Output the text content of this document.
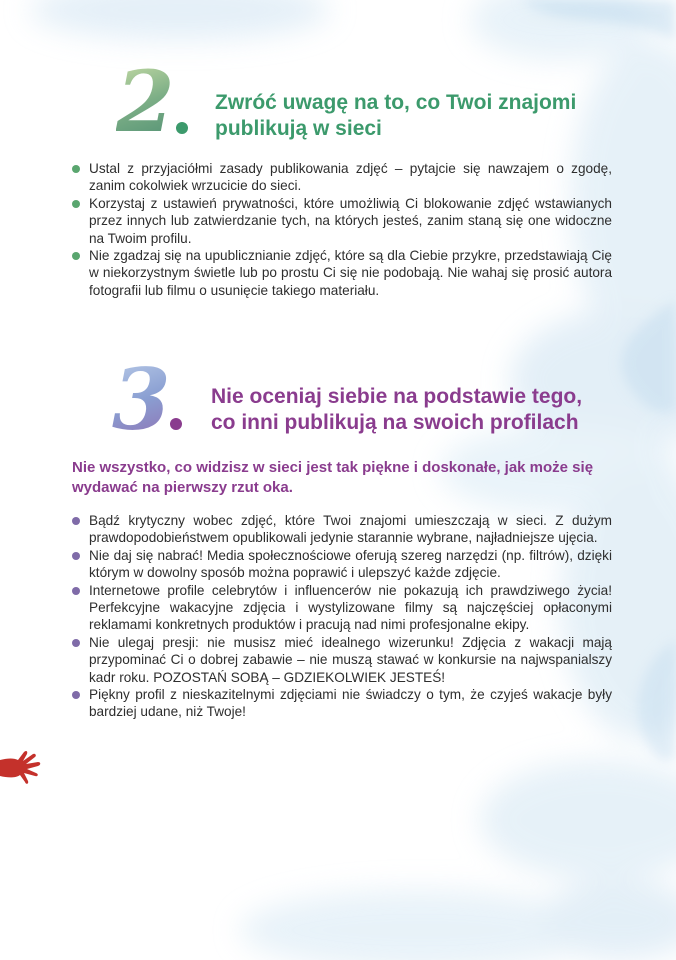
2 Zwróć uwagę na to, co Twoi znajomi
publikują w sieci
Ustal z przyjaciółmi zasady publikowania zdjęć – pytajcie się nawzajem o zgodę, zanim cokolwiek wrzucicie do sieci.
Korzystaj z ustawień prywatności, które umożliwią Ci blokowanie zdjęć wstawianych przez innych lub zatwierdzanie tych, na których jesteś, zanim staną się one widoczne na Twoim profilu.
Nie zgadzaj się na upublicznianie zdjęć, które są dla Ciebie przykre, przedstawiają Cię w niekorzystnym świetle lub po prostu Ci się nie podobają. Nie wahaj się prosić autora fotografii lub filmu o usunięcie takiego materiału.
3 Nie oceniaj siebie na podstawie tego,
co inni publikują na swoich profilach
Nie wszystko, co widzisz w sieci jest tak piękne i doskonałe, jak może się wydawać na pierwszy rzut oka.
Bądź krytyczny wobec zdjęć, które Twoi znajomi umieszczają w sieci. Z dużym prawdopodobieństwem opublikowali jedynie starannie wybrane, najładniejsze ujęcia.
Nie daj się nabrać! Media społecznościowe oferują szereg narzędzi (np. filtrów), dzięki którym w dowolny sposób można poprawić i ulepszyć każde zdjęcie.
Internetowe profile celebrytów i influencerów nie pokazują ich prawdziwego życia! Perfekcyjne wakacyjne zdjęcia i wystylizowane filmy są najczęściej opłaconymi reklamami konkretnych produktów i pracują nad nimi profesjonalne ekipy.
Nie ulegaj presji: nie musisz mieć idealnego wizerunku! Zdjęcia z wakacji mają przypominać Ci o dobrej zabawie – nie muszą stawać w konkursie na najwspanialszy kadr roku. POZOSTAŃ SOBĄ – GDZIEKOLWIEK JESTEŚ!
Piękny profil z nieskazitelnymi zdjęciami nie świadczy o tym, że czyjeś wakacje były bardziej udane, niż Twoje!
